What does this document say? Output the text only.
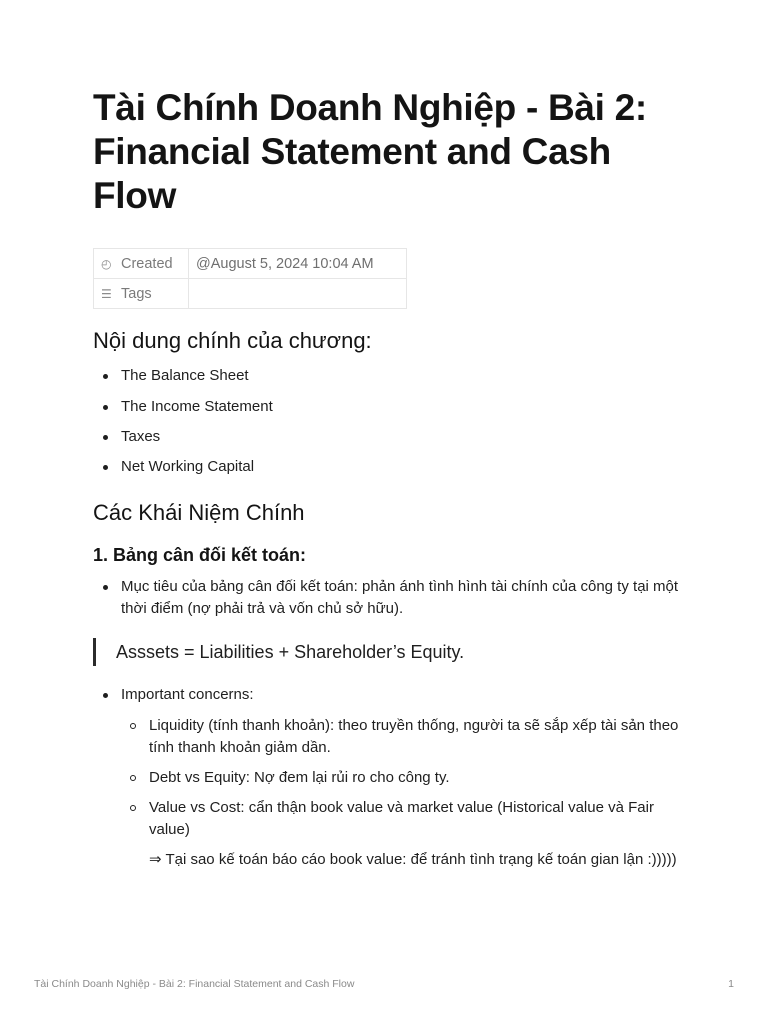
Tài Chính Doanh Nghiệp - Bài 2: Financial Statement and Cash Flow
◴ Created	@August 5, 2024 10:04 AM
☰ Tags	
Nội dung chính của chương:
The Balance Sheet
The Income Statement
Taxes
Net Working Capital
Các Khái Niệm Chính
1. Bảng cân đối kết toán:
Mục tiêu của bảng cân đối kết toán: phản ánh tình hình tài chính của công ty tại một thời điểm (nợ phải trả và vốn chủ sở hữu).
Asssets = Liabilities + Shareholder’s Equity.
Important concerns:
Liquidity (tính thanh khoản): theo truyền thống, người ta sẽ sắp xếp tài sản theo tính thanh khoản giảm dần.
Debt vs Equity: Nợ đem lại rủi ro cho công ty.
Value vs Cost: cẩn thận book value và market value (Historical value và Fair value)
⇒ Tại sao kế toán báo cáo book value: để tránh tình trạng kế toán gian lận :)))))
Tài Chính Doanh Nghiệp - Bài 2: Financial Statement and Cash Flow	1
